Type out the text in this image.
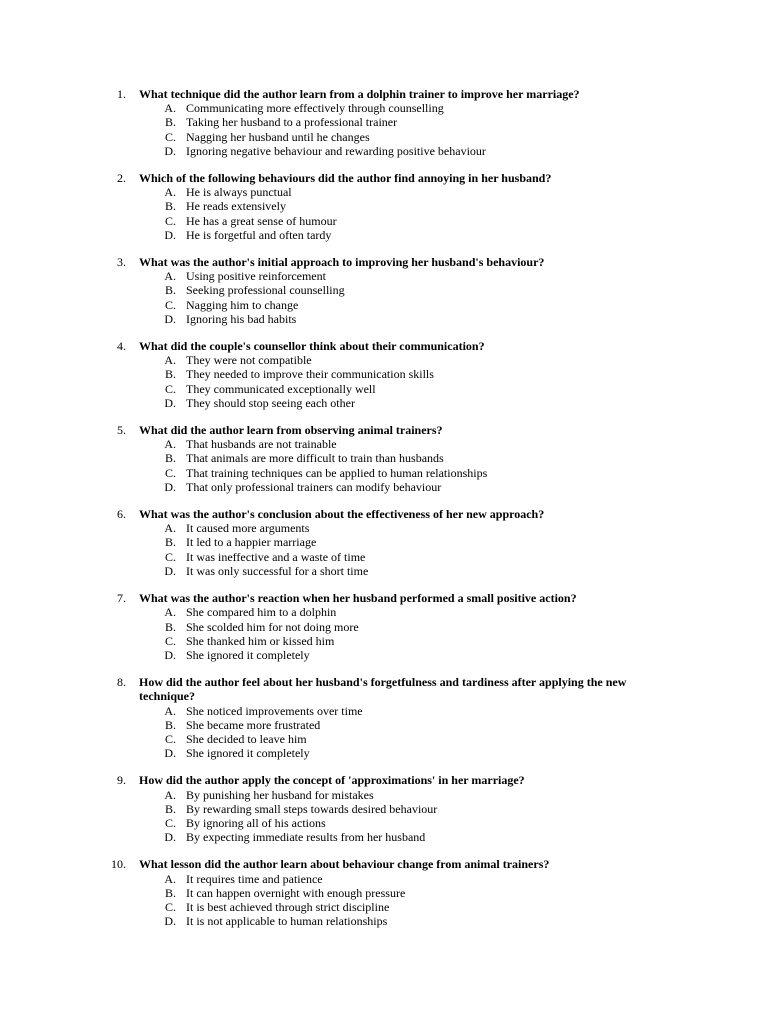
1. What technique did the author learn from a dolphin trainer to improve her marriage?
A. Communicating more effectively through counselling
B. Taking her husband to a professional trainer
C. Nagging her husband until he changes
D. Ignoring negative behaviour and rewarding positive behaviour
2. Which of the following behaviours did the author find annoying in her husband?
A. He is always punctual
B. He reads extensively
C. He has a great sense of humour
D. He is forgetful and often tardy
3. What was the author's initial approach to improving her husband's behaviour?
A. Using positive reinforcement
B. Seeking professional counselling
C. Nagging him to change
D. Ignoring his bad habits
4. What did the couple's counsellor think about their communication?
A. They were not compatible
B. They needed to improve their communication skills
C. They communicated exceptionally well
D. They should stop seeing each other
5. What did the author learn from observing animal trainers?
A. That husbands are not trainable
B. That animals are more difficult to train than husbands
C. That training techniques can be applied to human relationships
D. That only professional trainers can modify behaviour
6. What was the author's conclusion about the effectiveness of her new approach?
A. It caused more arguments
B. It led to a happier marriage
C. It was ineffective and a waste of time
D. It was only successful for a short time
7. What was the author's reaction when her husband performed a small positive action?
A. She compared him to a dolphin
B. She scolded him for not doing more
C. She thanked him or kissed him
D. She ignored it completely
8. How did the author feel about her husband's forgetfulness and tardiness after applying the new technique?
A. She noticed improvements over time
B. She became more frustrated
C. She decided to leave him
D. She ignored it completely
9. How did the author apply the concept of 'approximations' in her marriage?
A. By punishing her husband for mistakes
B. By rewarding small steps towards desired behaviour
C. By ignoring all of his actions
D. By expecting immediate results from her husband
10. What lesson did the author learn about behaviour change from animal trainers?
A. It requires time and patience
B. It can happen overnight with enough pressure
C. It is best achieved through strict discipline
D. It is not applicable to human relationships
